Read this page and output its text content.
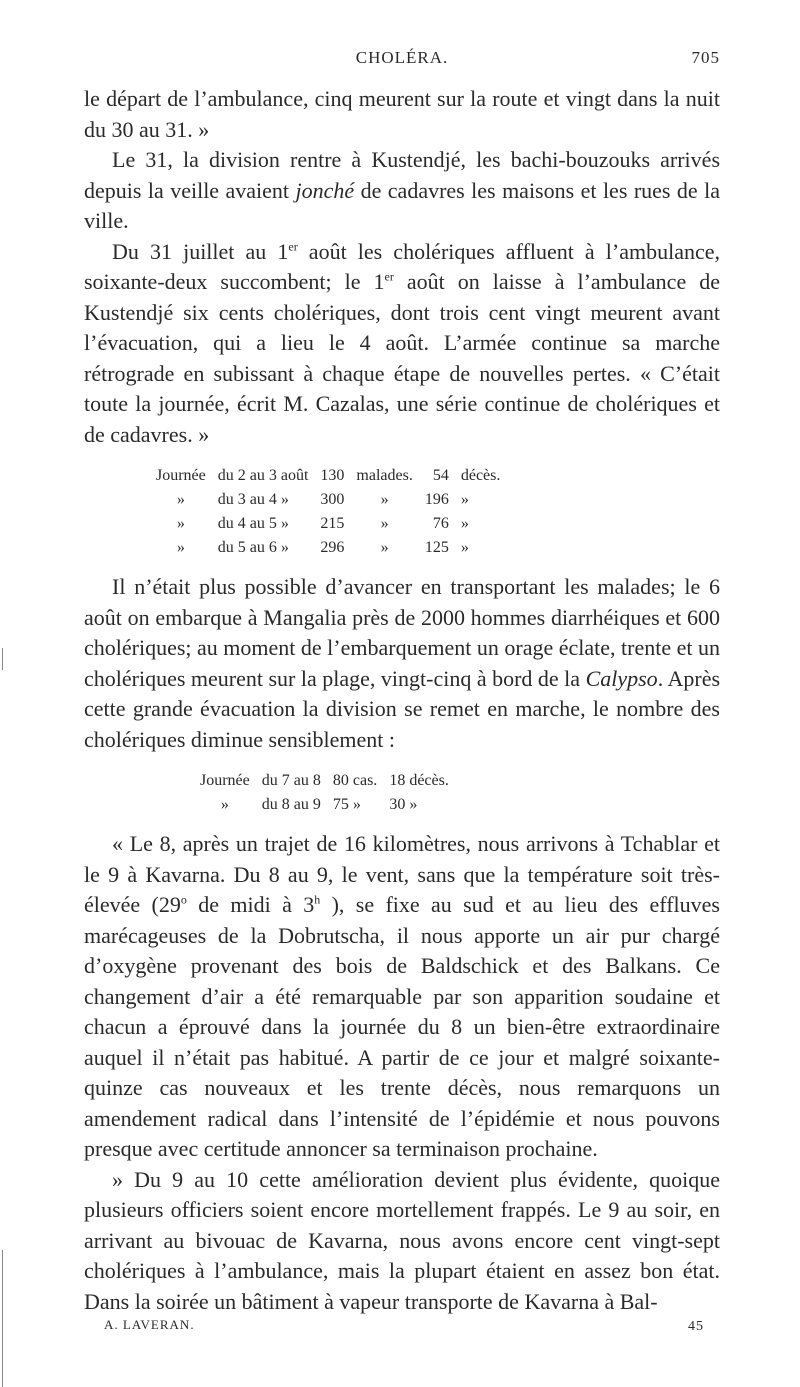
CHOLÉRA.	705

le départ de l’ambulance, cinq meurent sur la route et vingt dans la nuit du 30 au 31. »

Le 31, la division rentre à Kustendjé, les bachi-bouzouks arrivés depuis la veille avaient jonché de cadavres les maisons et les rues de la ville.

Du 31 juillet au 1er août les cholériques affluent à l’ambulance, soixante-deux succombent; le 1er août on laisse à l’ambulance de Kustendjé six cents cholériques, dont trois cent vingt meurent avant l’évacuation, qui a lieu le 4 août. L’armée continue sa marche rétrograde en subissant à chaque étape de nouvelles pertes. « C’était toute la journée, écrit M. Cazalas, une série continue de cholériques et de cadavres. »

Journée	du 2 au 3 août	130	malades.	54	décès.
»	du 3 au 4 »	300	»	196	»
»	du 4 au 5 »	215	»	76	»
»	du 5 au 6 »	296	»	125	»

Il n’était plus possible d’avancer en transportant les malades; le 6 août on embarque à Mangalia près de 2000 hommes diarrhéiques et 600 cholériques; au moment de l’embarquement un orage éclate, trente et un cholériques meurent sur la plage, vingt-cinq à bord de la Calypso. Après cette grande évacuation la division se remet en marche, le nombre des cholériques diminue sensiblement :

Journée	du 7 au 8	80 cas.	18 décès.
»	du 8 au 9	75 »	30 »

« Le 8, après un trajet de 16 kilomètres, nous arrivons à Tchablar et le 9 à Kavarna. Du 8 au 9, le vent, sans que la température soit très-élevée (29$^o$ de midi à 3$^h$ ), se fixe au sud et au lieu des effluves marécageuses de la Dobrutscha, il nous apporte un air pur chargé d’oxygène provenant des bois de Baldschick et des Balkans. Ce changement d’air a été remarquable par son apparition soudaine et chacun a éprouvé dans la journée du 8 un bien-être extraordinaire auquel il n’était pas habitué. A partir de ce jour et malgré soixante-quinze cas nouveaux et les trente décès, nous remarquons un amendement radical dans l’intensité de l’épidémie et nous pouvons presque avec certitude annoncer sa terminaison prochaine.

» Du 9 au 10 cette amélioration devient plus évidente, quoique plusieurs officiers soient encore mortellement frappés. Le 9 au soir, en arrivant au bivouac de Kavarna, nous avons encore cent vingt-sept cholériques à l’ambulance, mais la plupart étaient en assez bon état. Dans la soirée un bâtiment à vapeur transporte de Kavarna à Bal-

A. LAVERAN.	45
